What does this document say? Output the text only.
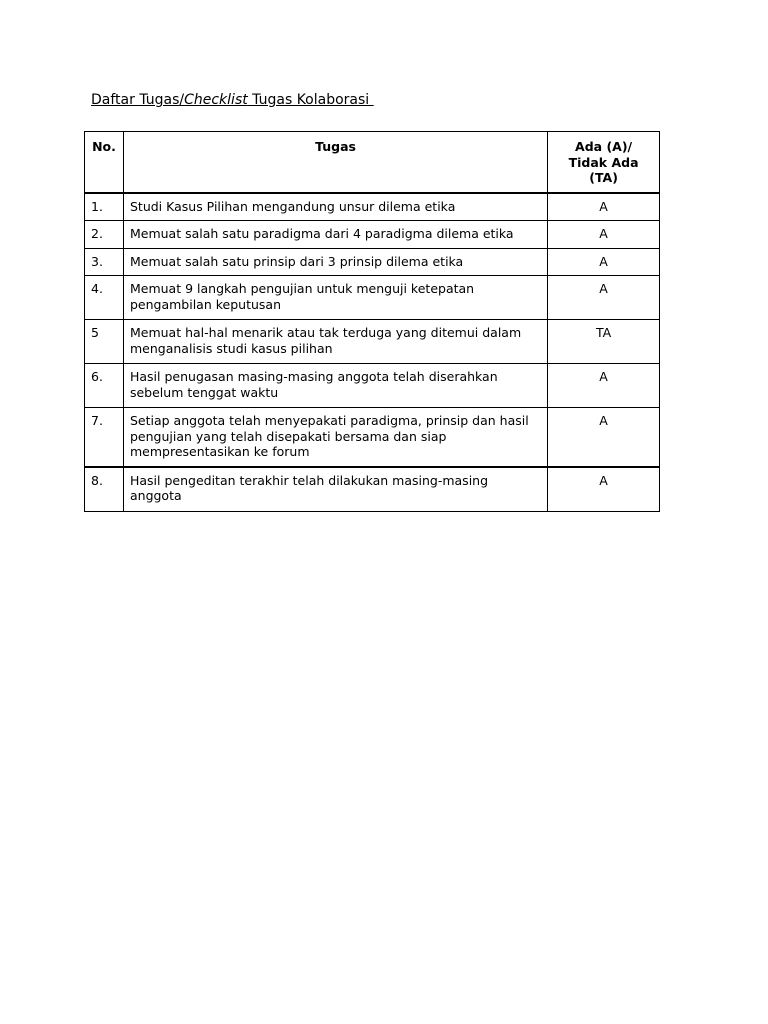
Daftar Tugas/Checklist Tugas Kolaborasi
No.	Tugas	Ada (A)/ Tidak Ada (TA)
1.	Studi Kasus Pilihan mengandung unsur dilema etika	A
2.	Memuat salah satu paradigma dari 4 paradigma dilema etika	A
3.	Memuat salah satu prinsip dari 3 prinsip dilema etika	A
4.	Memuat 9 langkah pengujian untuk menguji ketepatan pengambilan keputusan	A
5	Memuat hal-hal menarik atau tak terduga yang ditemui dalam menganalisis studi kasus pilihan	TA
6.	Hasil penugasan masing-masing anggota telah diserahkan sebelum tenggat waktu	A
7.	Setiap anggota telah menyepakati paradigma, prinsip dan hasil pengujian yang telah disepakati bersama dan siap mempresentasikan ke forum	A
8.	Hasil pengeditan terakhir telah dilakukan masing-masing anggota	A
